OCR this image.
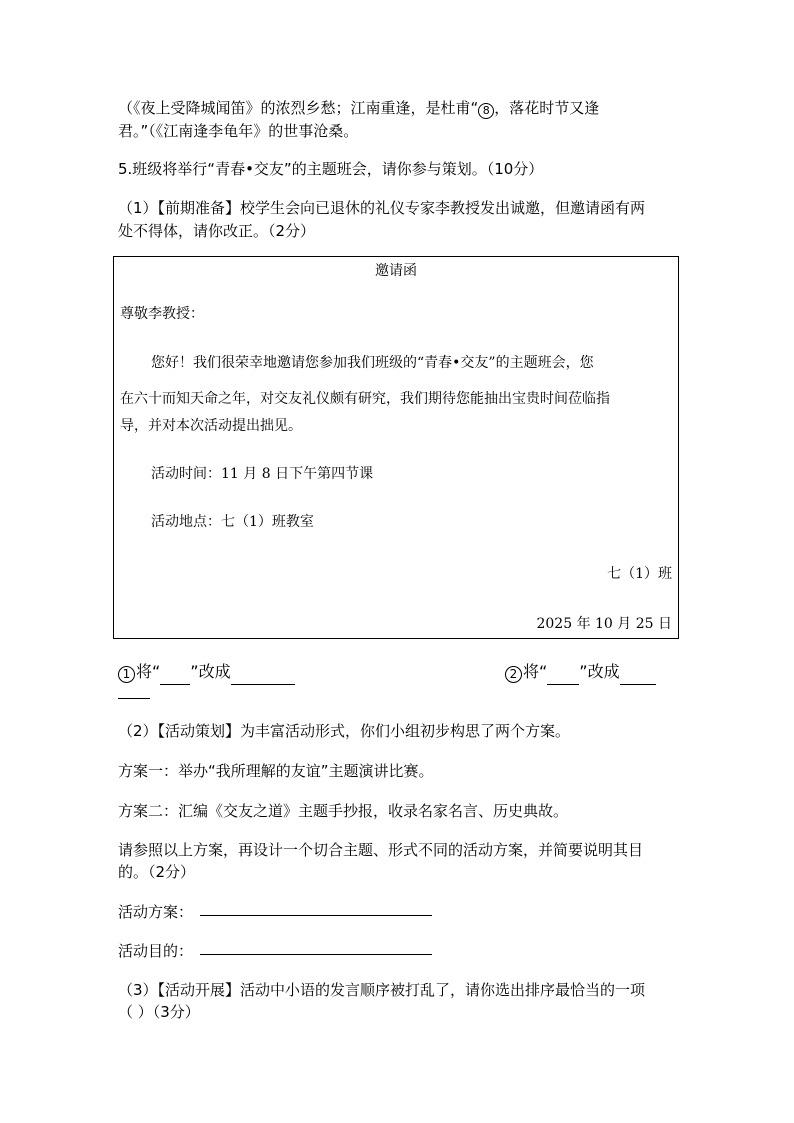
（《夜上受降城闻笛》的浓烈乡愁；江南重逢，是杜甫“ 8 ，落花时节又逢
君。”（《江南逢李龟年》的世事沧桑。
5.班级将举行“青春•交友”的主题班会，请你参与策划。（10分）
（1）【前期准备】校学生会向已退休的礼仪专家李教授发出诚邀，但邀请函有两
处不得体，请你改正。（2分）
邀请函
尊敬李教授：
您好！我们很荣幸地邀请您参加我们班级的“青春•交友”的主题班会，您
在六十而知天命之年，对交友礼仪颇有研究，我们期待您能抽出宝贵时间莅临指
导，并对本次活动提出拙见。
活动时间：11 月 8 日下午第四节课
活动地点：七（1）班教室
七（1）班
2025 年 10 月 25 日
1 将“ ”改成	2 将“ ”改成
（2）【活动策划】为丰富活动形式，你们小组初步构思了两个方案。
方案一：举办“我所理解的友谊”主题演讲比赛。
方案二：汇编《交友之道》主题手抄报，收录名家名言、历史典故。
请参照以上方案，再设计一个切合主题、形式不同的活动方案，并简要说明其目
的。（2分）
活动方案：
活动目的：
（3）【活动开展】活动中小语的发言顺序被打乱了，请你选出排序最恰当的一项
（ ）（3分）
